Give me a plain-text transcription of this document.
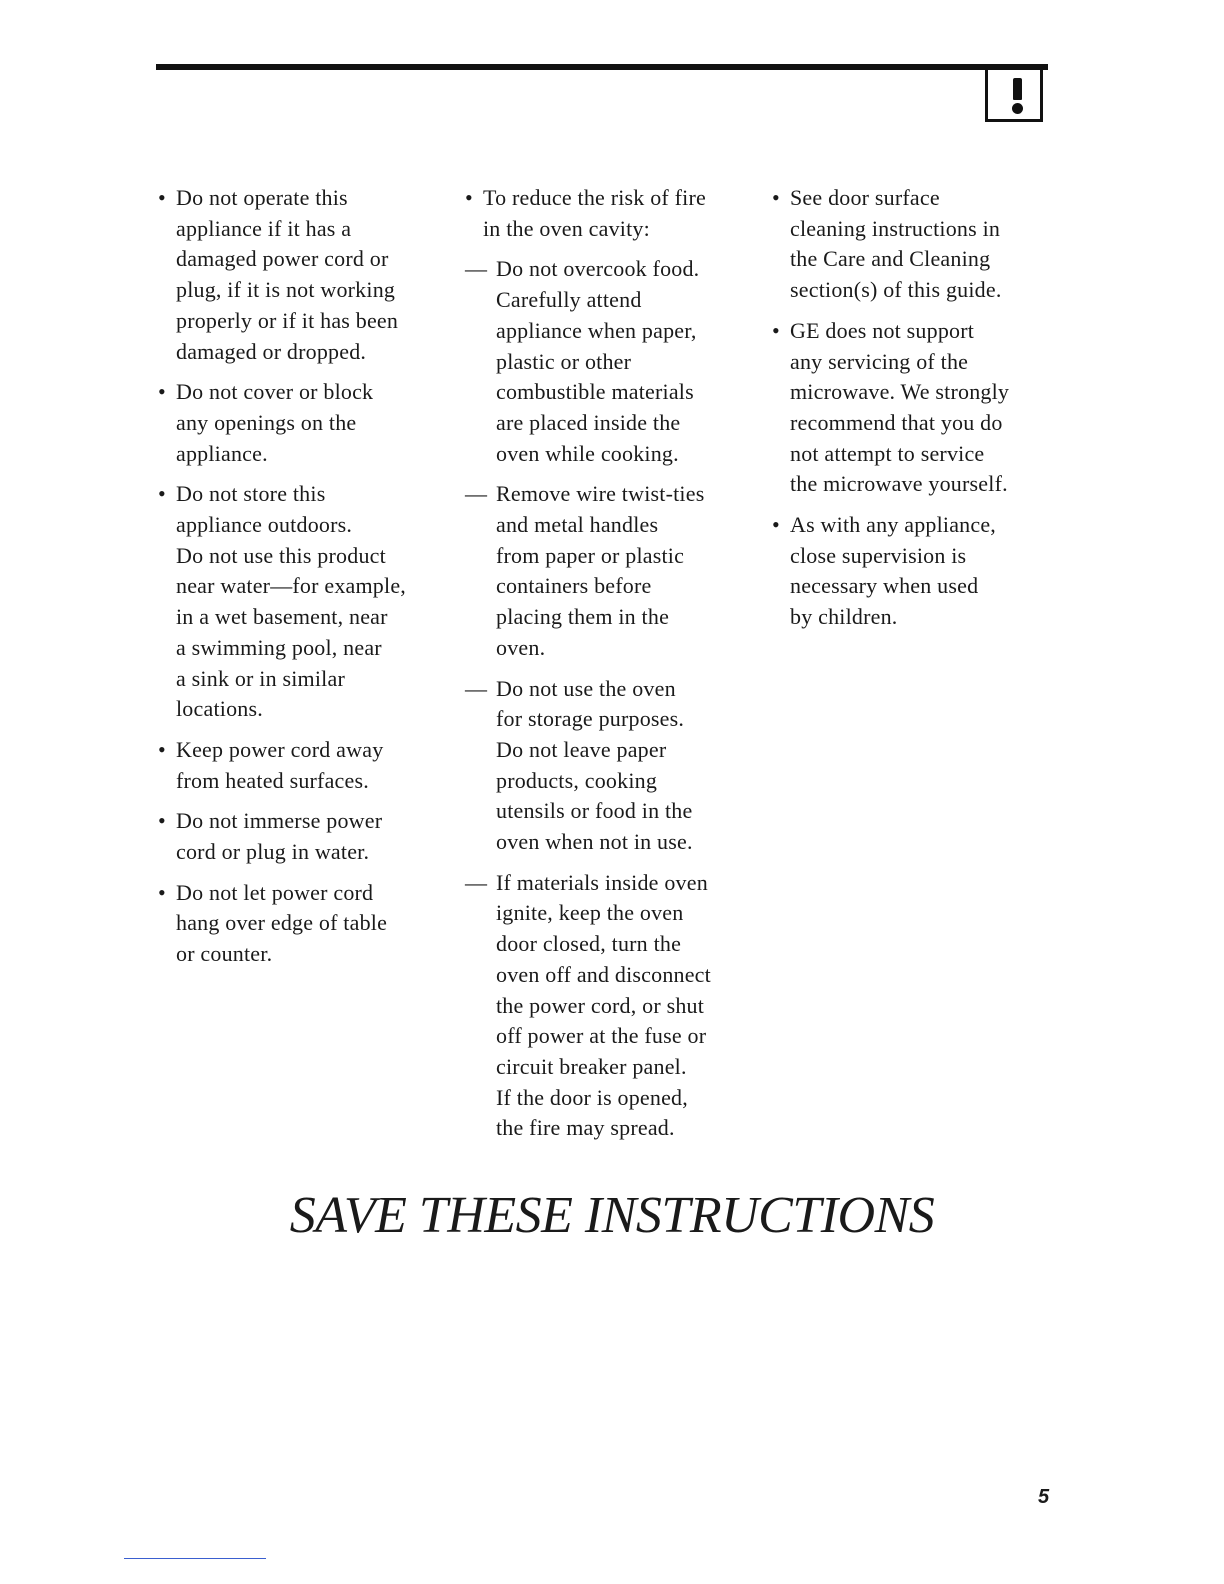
• Do not operate this
appliance if it has a
damaged power cord or
plug, if it is not working
properly or if it has been
damaged or dropped.
• Do not cover or block
any openings on the
appliance.
• Do not store this
appliance outdoors.
Do not use this product
near water—for example,
in a wet basement, near
a swimming pool, near
a sink or in similar
locations.
• Keep power cord away
from heated surfaces.
• Do not immerse power
cord or plug in water.
• Do not let power cord
hang over edge of table
or counter.
• To reduce the risk of fire
in the oven cavity:
— Do not overcook food.
Carefully attend
appliance when paper,
plastic or other
combustible materials
are placed inside the
oven while cooking.
— Remove wire twist-ties
and metal handles
from paper or plastic
containers before
placing them in the
oven.
— Do not use the oven
for storage purposes.
Do not leave paper
products, cooking
utensils or food in the
oven when not in use.
— If materials inside oven
ignite, keep the oven
door closed, turn the
oven off and disconnect
the power cord, or shut
off power at the fuse or
circuit breaker panel.
If the door is opened,
the fire may spread.
• See door surface
cleaning instructions in
the Care and Cleaning
section(s) of this guide.
• GE does not support
any servicing of the
microwave. We strongly
recommend that you do
not attempt to service
the microwave yourself.
• As with any appliance,
close supervision is
necessary when used
by children.
SAVE THESE INSTRUCTIONS
5
